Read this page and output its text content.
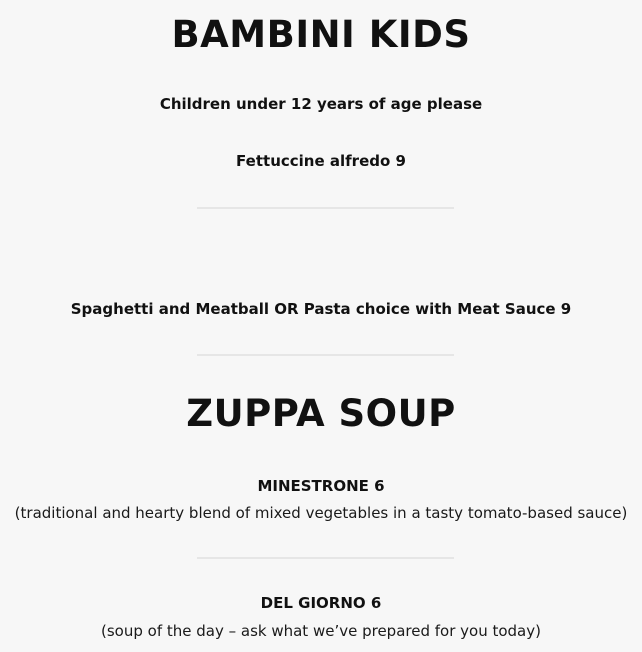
BAMBINI KIDS
Children under 12 years of age please
Fettuccine alfredo 9
Spaghetti and Meatball OR Pasta choice with Meat Sauce 9
ZUPPA SOUP
MINESTRONE 6
(traditional and hearty blend of mixed vegetables in a tasty tomato-based sauce)
DEL GIORNO 6
(soup of the day – ask what we’ve prepared for you today)
